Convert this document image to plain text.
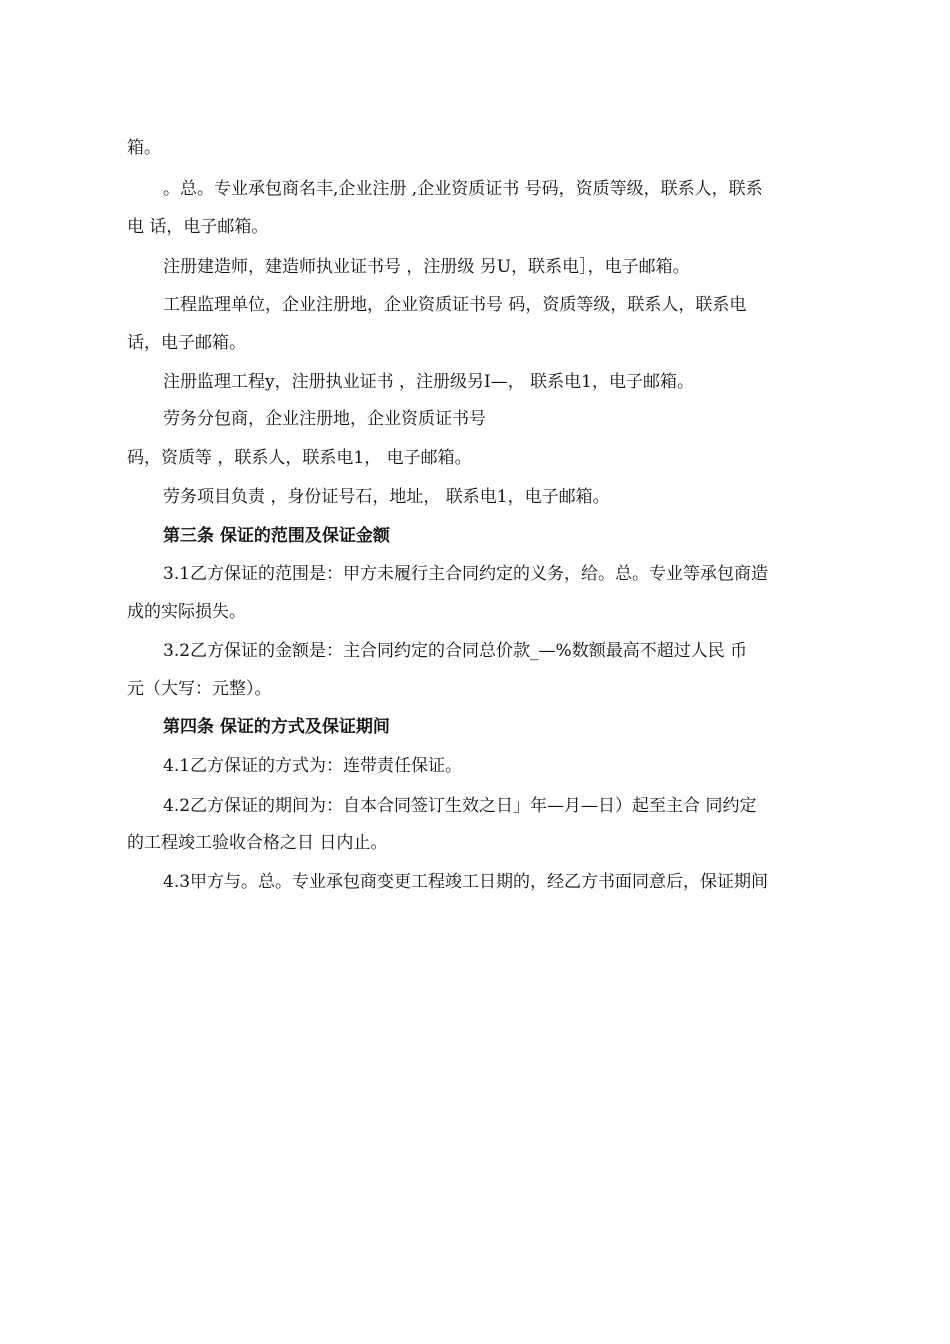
箱。
。总。专业承包商名丰,企业注册 ,企业资质证书 号码，资质等级，联系人，联系
电 话，电子邮箱。
注册建造师，建造师执业证书号 ，注册级 另U，联系电］，电子邮箱。
工程监理单位，企业注册地，企业资质证书号 码，资质等级，联系人，联系电
话，电子邮箱。
注册监理工程y，注册执业证书 ，注册级另I—， 联系电1，电子邮箱。
劳务分包商，企业注册地，企业资质证书号
码，资质等 ，联系人，联系电1， 电子邮箱。
劳务项目负责 ，身份证号石，地址， 联系电1，电子邮箱。
第三条 保证的范围及保证金额
3.1乙方保证的范围是：甲方未履行主合同约定的义务，给。总。专业等承包商造
成的实际损失。
3.2乙方保证的金额是：主合同约定的合同总价款_—%数额最高不超过人民 币
元（大写：元整）。
第四条 保证的方式及保证期间
4.1乙方保证的方式为：连带责任保证。
4.2乙方保证的期间为：自本合同签订生效之日」年—月—日）起至主合 同约定
的工程竣工验收合格之日 日内止。
4.3甲方与。总。专业承包商变更工程竣工日期的，经乙方书面同意后，保证期间
